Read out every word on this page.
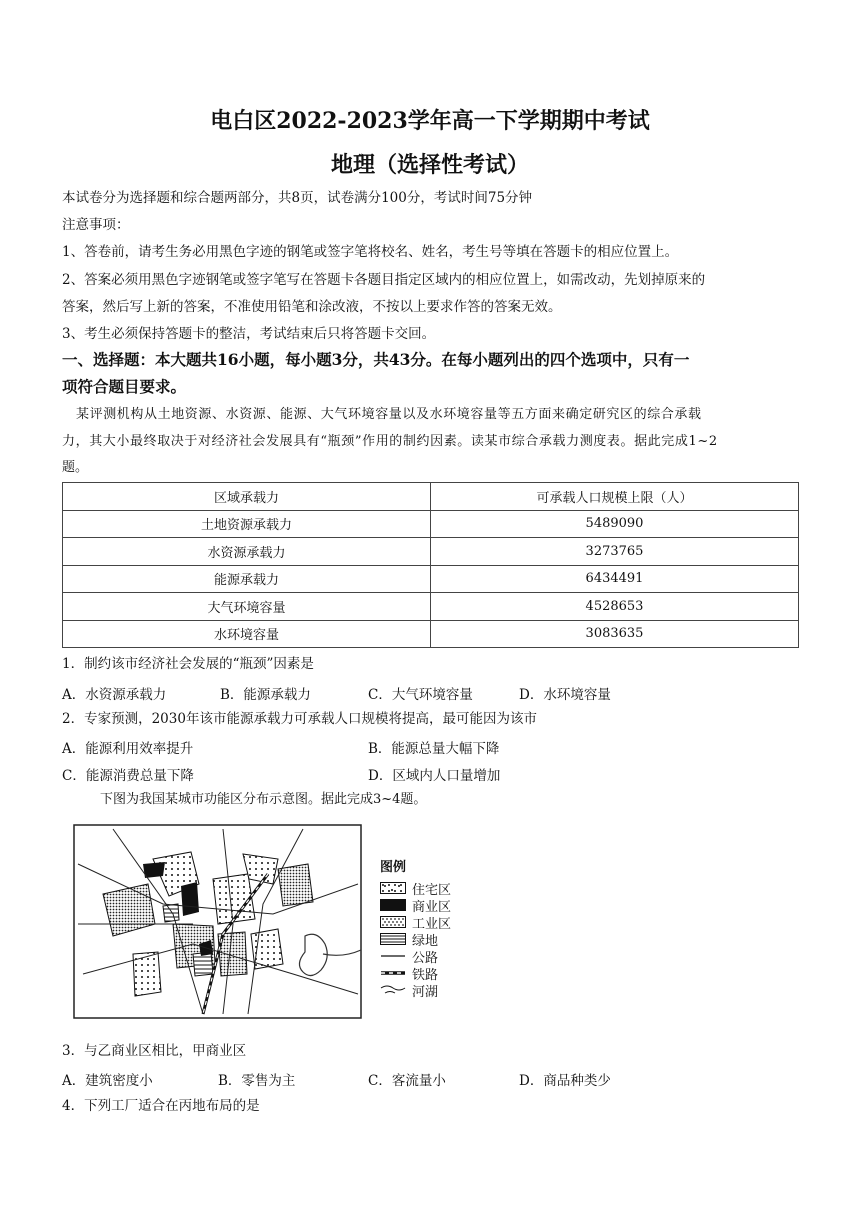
电白区2022-2023学年高一下学期期中考试
地理（选择性考试）
本试卷分为选择题和综合题两部分，共8页，试卷满分100分，考试时间75分钟
注意事项：
1、答卷前，请考生务必用黑色字迹的钢笔或签字笔将校名、姓名，考生号等填在答题卡的相应位置上。
2、答案必须用黑色字迹钢笔或签字笔写在答题卡各题目指定区域内的相应位置上，如需改动，先划掉原来的
答案，然后写上新的答案，不准使用铅笔和涂改液，不按以上要求作答的答案无效。
3、考生必须保持答题卡的整洁，考试结束后只将答题卡交回。
一、选择题：本大题共16小题，每小题3分，共43分。在每小题列出的四个选项中，只有一
项符合题目要求。
某评测机构从土地资源、水资源、能源、大气环境容量以及水环境容量等五方面来确定研究区的综合承载
力，其大小最终取决于对经济社会发展具有“瓶颈”作用的制约因素。读某市综合承载力测度表。据此完成1~2
题。
区域承载力	可承载人口规模上限（人）
土地资源承载力	5489090
水资源承载力	3273765
能源承载力	6434491
大气环境容量	4528653
水环境容量	3083635
1．制约该市经济社会发展的“瓶颈”因素是
A．水资源承载力	B．能源承载力	C．大气环境容量	D．水环境容量
2．专家预测，2030年该市能源承载力可承载人口规模将提高，最可能因为该市
A．能源利用效率提升	B．能源总量大幅下降
C．能源消费总量下降	D．区域内人口量增加
下图为我国某城市功能区分布示意图。据此完成3~4题。
图例
住宅区
商业区
工业区
绿地
公路
铁路
河湖
3．与乙商业区相比，甲商业区
A．建筑密度小	B．零售为主	C．客流量小	D．商品种类少
4．下列工厂适合在丙地布局的是
